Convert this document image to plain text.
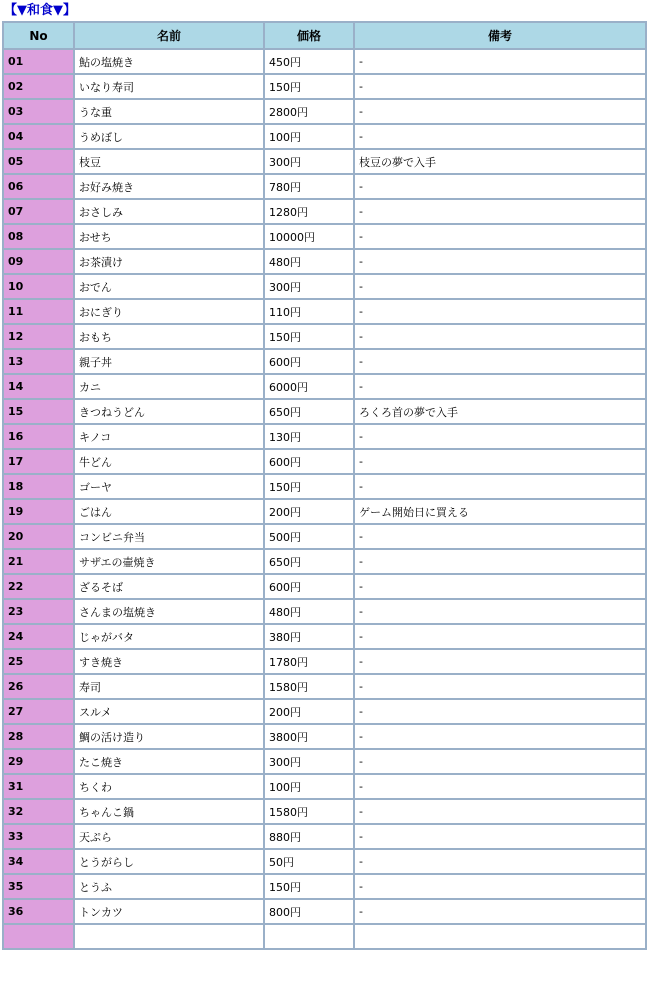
【▼和食▼】
No	名前	価格	備考
01	鮎の塩焼き	450円	-
02	いなり寿司	150円	-
03	うな重	2800円	-
04	うめぼし	100円	-
05	枝豆	300円	枝豆の夢で入手
06	お好み焼き	780円	-
07	おさしみ	1280円	-
08	おせち	10000円	-
09	お茶漬け	480円	-
10	おでん	300円	-
11	おにぎり	110円	-
12	おもち	150円	-
13	親子丼	600円	-
14	カニ	6000円	-
15	きつねうどん	650円	ろくろ首の夢で入手
16	キノコ	130円	-
17	牛どん	600円	-
18	ゴーヤ	150円	-
19	ごはん	200円	ゲーム開始日に買える
20	コンビニ弁当	500円	-
21	サザエの壷焼き	650円	-
22	ざるそば	600円	-
23	さんまの塩焼き	480円	-
24	じゃがバタ	380円	-
25	すき焼き	1780円	-
26	寿司	1580円	-
27	スルメ	200円	-
28	鯛の活け造り	3800円	-
29	たこ焼き	300円	-
31	ちくわ	100円	-
32	ちゃんこ鍋	1580円	-
33	天ぷら	880円	-
34	とうがらし	50円	-
35	とうふ	150円	-
36	トンカツ	800円	-
